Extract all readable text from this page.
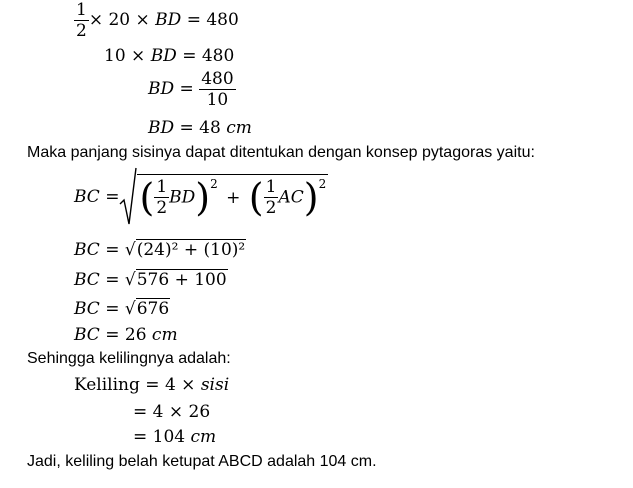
$\frac{1}{2} \times 20$ × BD = 480
10 × BD = 480
BD = $\frac{480}{10}$
BD = 48 cm
Maka panjang sisinya dapat ditentukan dengan konsep pytagoras yaitu:
BC =( $\frac{1}{2} BD)^2$ + ( $\frac{1}{2} AC)^2$
BC = √(24)² + (10)²
BC = √576 + 100
BC = √676
BC = 26 cm
Sehingga kelilingnya adalah:
Keliling = 4 × sisi
= 4 × 26
= 104 cm
Jadi, keliling belah ketupat ABCD adalah 104 cm.
